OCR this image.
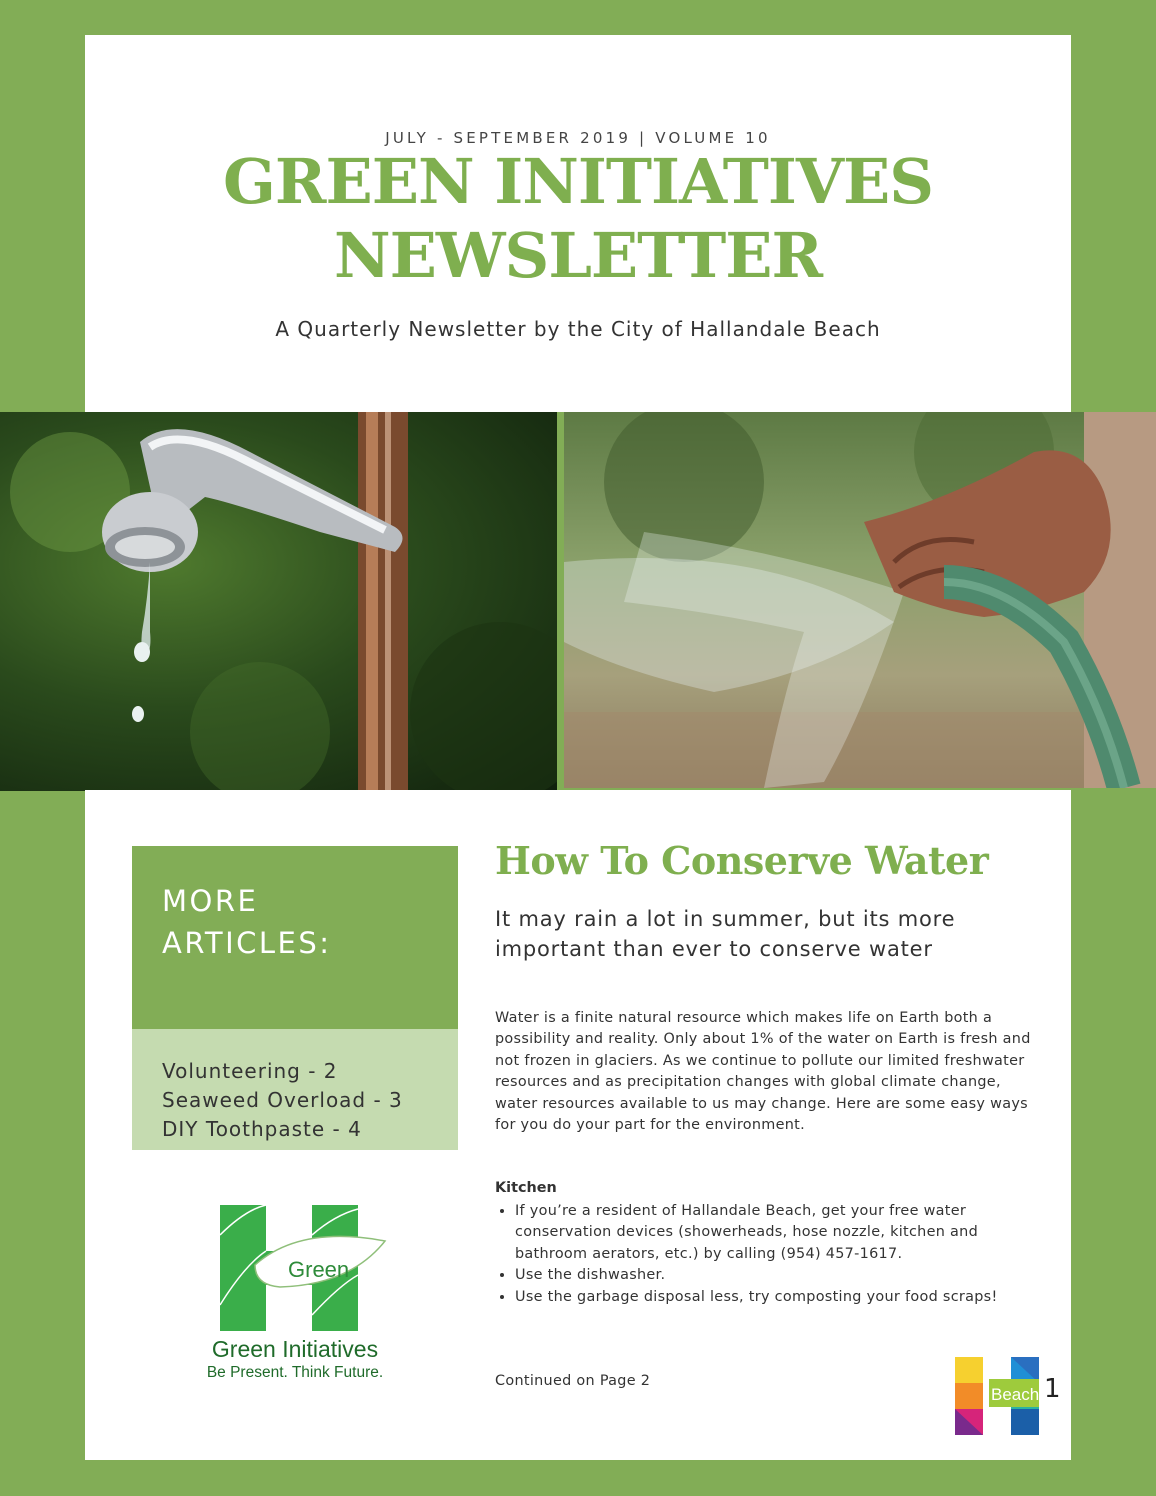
JULY - SEPTEMBER 2019 | VOLUME 10
GREEN INITIATIVES
NEWSLETTER
A Quarterly Newsletter by the City of Hallandale Beach
MORE
ARTICLES:
Volunteering - 2
Seaweed Overload - 3
DIY Toothpaste - 4
Green
Green Initiatives
Be Present. Think Future.
How To Conserve Water
It may rain a lot in summer, but its more important than ever to conserve water
Water is a finite natural resource which makes life on Earth both a possibility and reality. Only about 1% of the water on Earth is fresh and not frozen in glaciers. As we continue to pollute our limited freshwater resources and as precipitation changes with global climate change, water resources available to us may change. Here are some easy ways for you do your part for the environment.
Kitchen
• If you’re a resident of Hallandale Beach, get your free water conservation devices (showerheads, hose nozzle, kitchen and bathroom aerators, etc.) by calling (954) 457-1617.
• Use the dishwasher.
• Use the garbage disposal less, try composting your food scraps!
Continued on Page 2
Beach 1
